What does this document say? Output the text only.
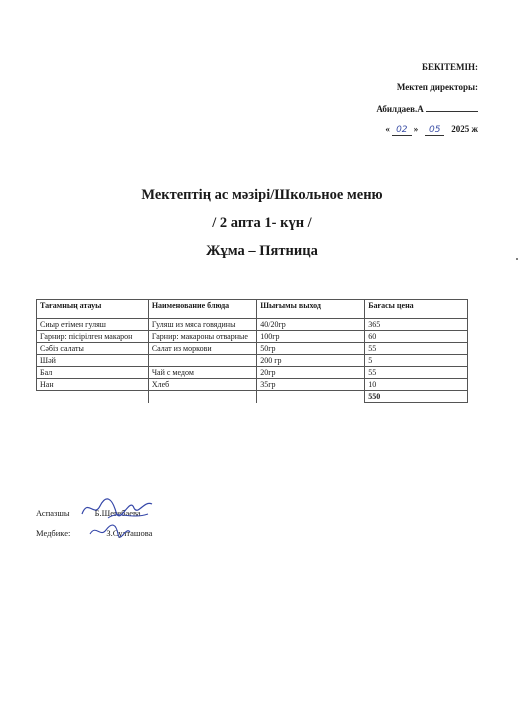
БЕКІТЕМІН:
Мектеп директоры:
Абилдаев.А
« 02 » 05 2025 ж
Мектептің ас мәзірі/Школьное меню
/ 2 апта 1- күн /
Жұма – Пятница
Тағамның атауы	Наименование блюда	Шығымы выход	Бағасы цена
Сиыр етімен гуляш	Гуляш из мяса говядины	40/20гр	365
Гарнир: пісірілген макарон	Гарнир: макароны отварные	100гр	60
Сәбіз салаты	Салат из моркови	50гр	55
Шәй		200 гр	5
Бал	Чай с медом	20гр	55
Нан	Хлеб	35гр	10
			550
Аспазшы	Б.Шегебаева
Медбике:	З.Султашова
